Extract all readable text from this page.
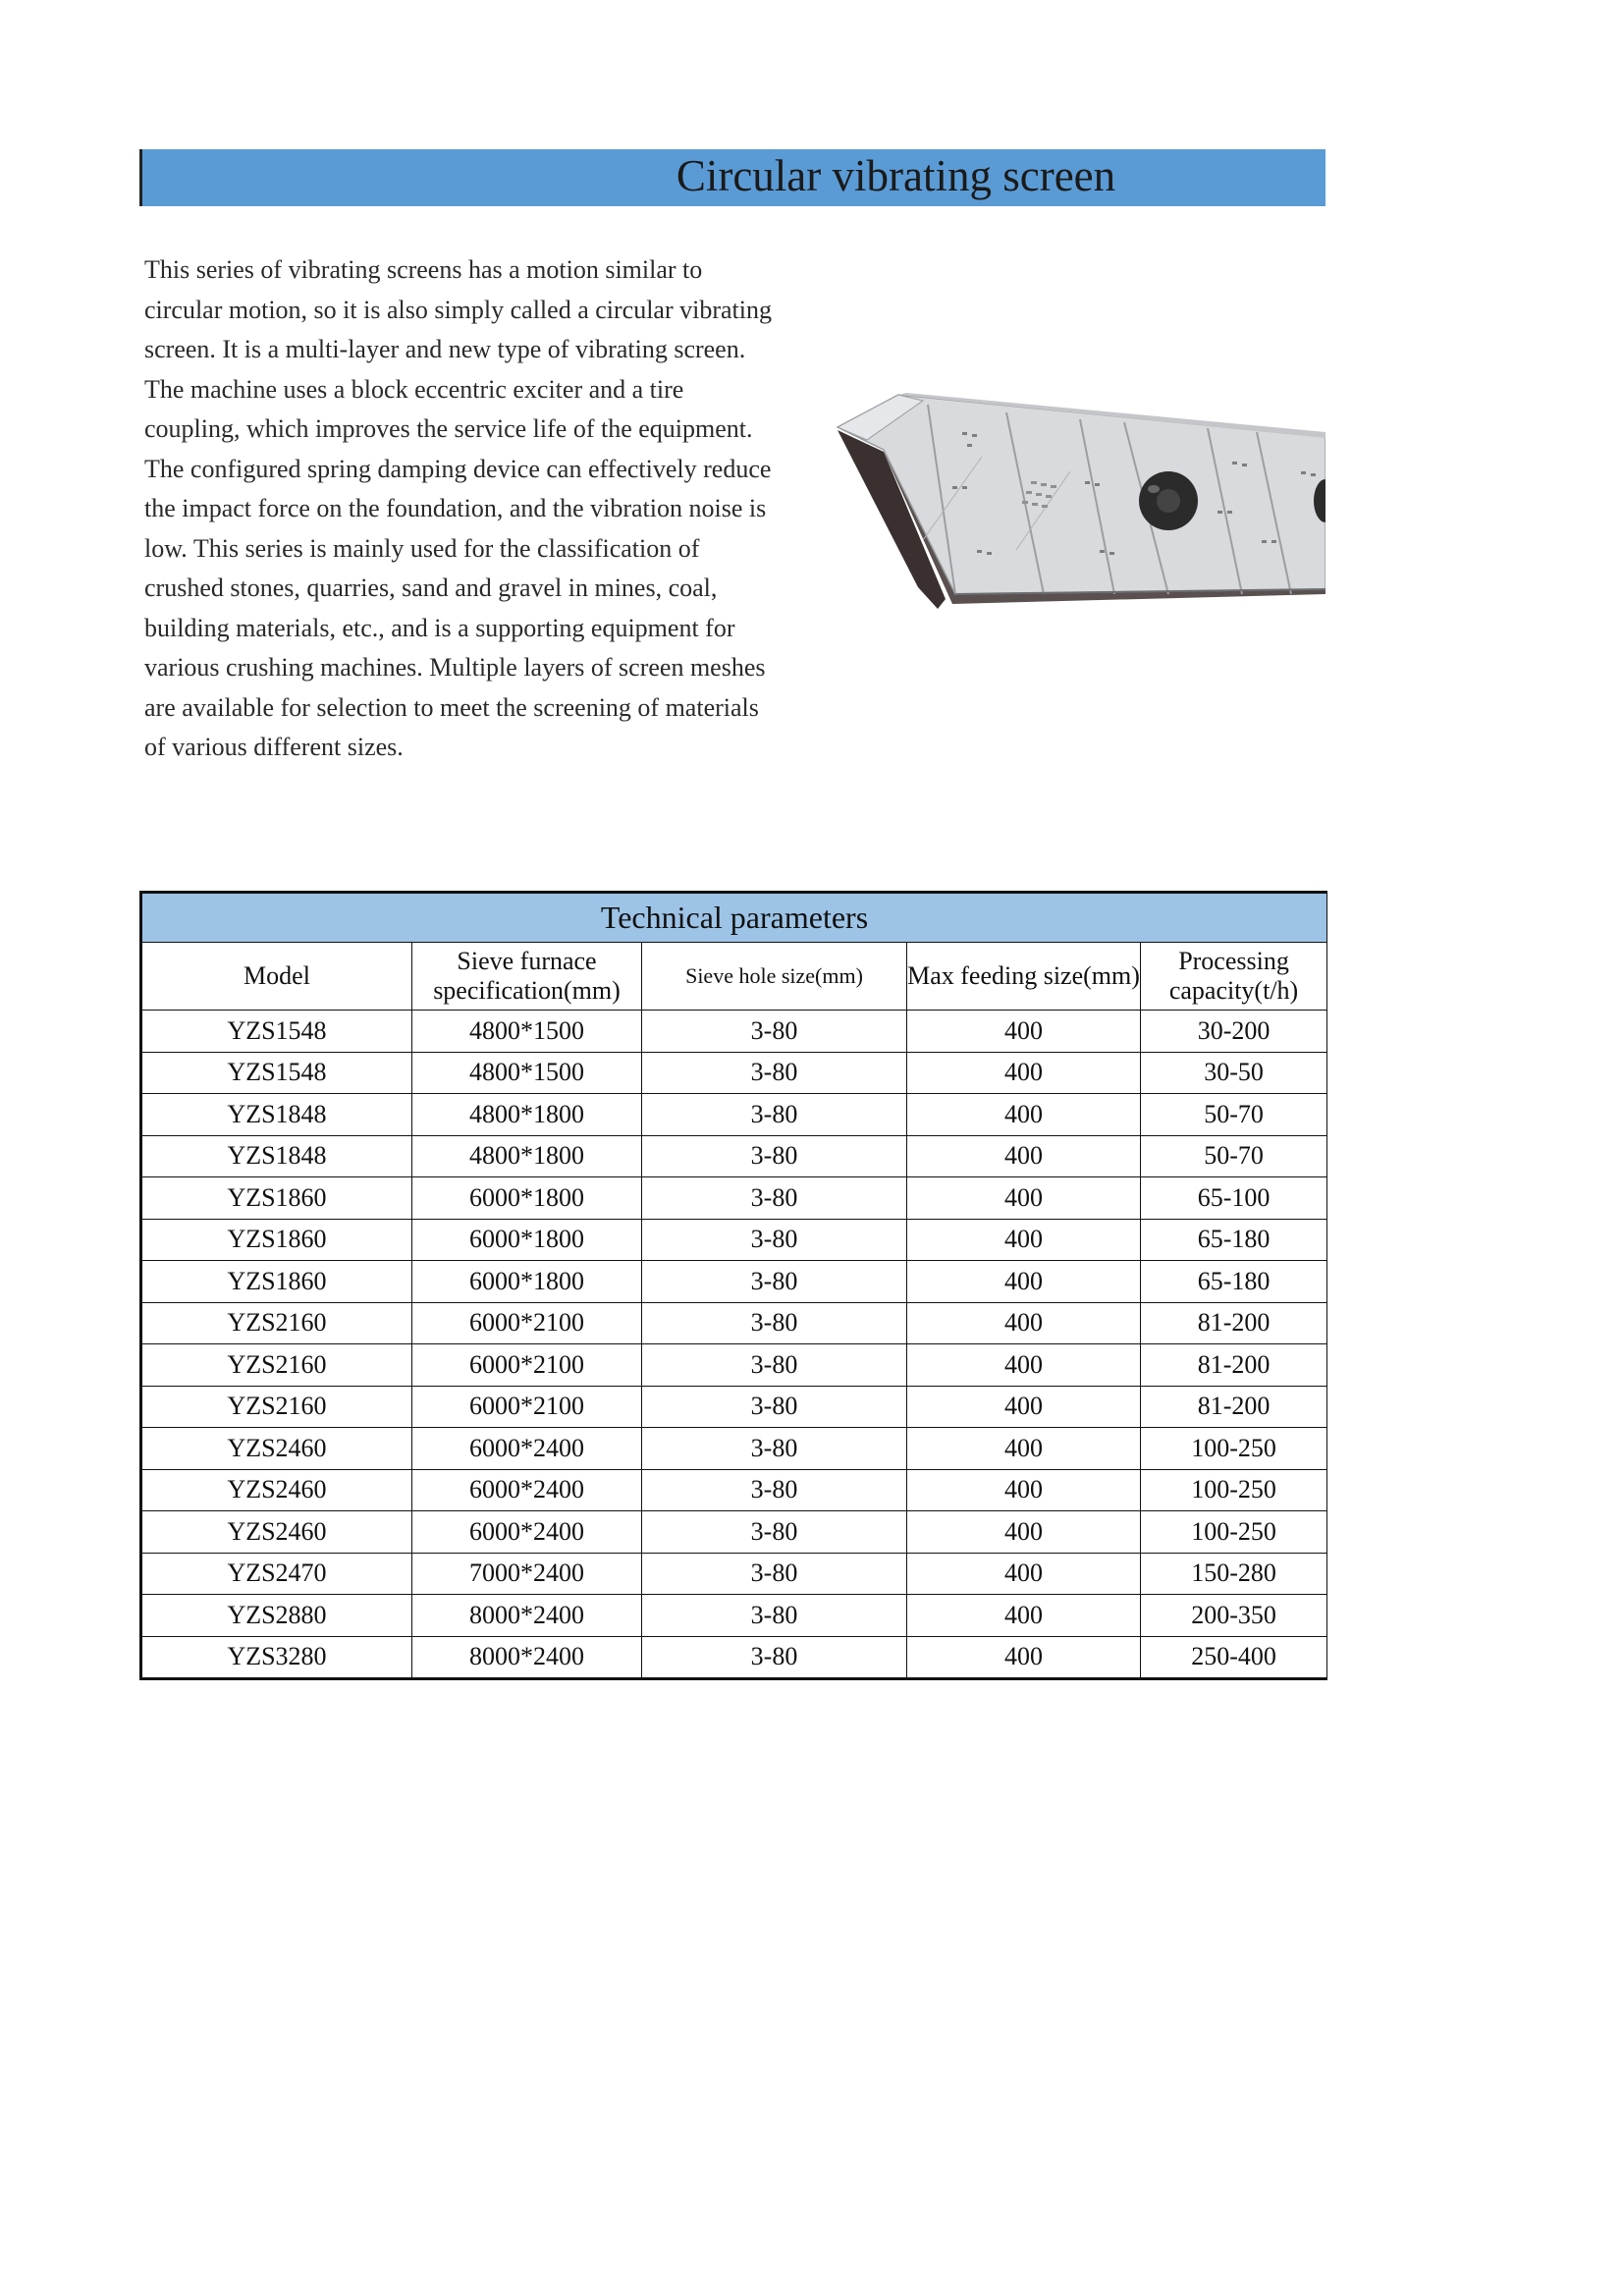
Circular vibrating screen

This series of vibrating screens has a motion similar to circular motion, so it is also simply called a circular vibrating screen. It is a multi-layer and new type of vibrating screen. The machine uses a block eccentric exciter and a tire coupling, which improves the service life of the equipment. The configured spring damping device can effectively reduce the impact force on the foundation, and the vibration noise is low. This series is mainly used for the classification of crushed stones, quarries, sand and gravel in mines, coal, building materials, etc., and is a supporting equipment for various crushing machines. Multiple layers of screen meshes are available for selection to meet the screening of materials of various different sizes.

Technical parameters				
Model	Sieve furnace specification(mm)	Sieve hole size(mm)	Max feeding size(mm)	Processing capacity(t/h)
YZS1548	4800*1500	3-80	400	30-200
YZS1548	4800*1500	3-80	400	30-50
YZS1848	4800*1800	3-80	400	50-70
YZS1848	4800*1800	3-80	400	50-70
YZS1860	6000*1800	3-80	400	65-100
YZS1860	6000*1800	3-80	400	65-180
YZS1860	6000*1800	3-80	400	65-180
YZS2160	6000*2100	3-80	400	81-200
YZS2160	6000*2100	3-80	400	81-200
YZS2160	6000*2100	3-80	400	81-200
YZS2460	6000*2400	3-80	400	100-250
YZS2460	6000*2400	3-80	400	100-250
YZS2460	6000*2400	3-80	400	100-250
YZS2470	7000*2400	3-80	400	150-280
YZS2880	8000*2400	3-80	400	200-350
YZS3280	8000*2400	3-80	400	250-400
